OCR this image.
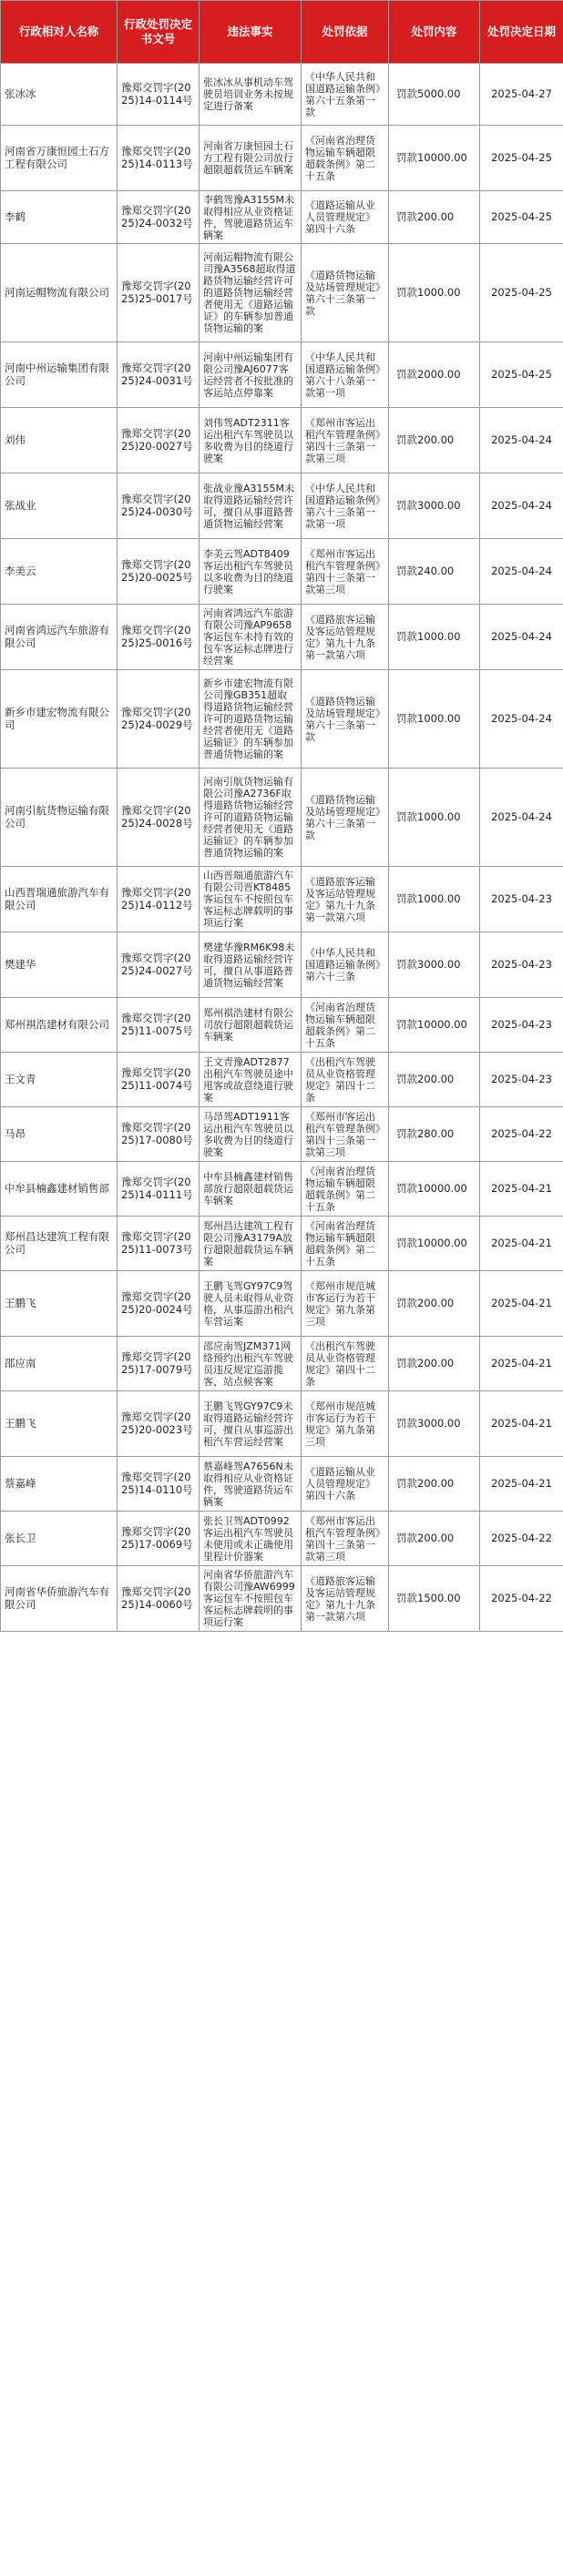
行政相对人名称	行政处罚决定书文号	违法事实	处罚依据	处罚内容	处罚决定日期
张冰冰	豫郑交罚字(2025)14-0114号	张冰冰从事机动车驾驶员培训业务未按规定进行备案	《中华人民共和国道路运输条例》第六十五条第一款	罚款5000.00	2025-04-27
河南省万康恒园土石方工程有限公司	豫郑交罚字(2025)14-0113号	河南省万康恒园土石方工程有限公司放行超限超载货运车辆案	《河南省治理货物运输车辆超限超载条例》第二十五条	罚款10000.00	2025-04-25
李鹤	豫郑交罚字(2025)24-0032号	李鹤驾豫A3155M未取得相应从业资格证件，驾驶道路货运车辆案	《道路运输从业人员管理规定》第四十六条	罚款200.00	2025-04-25
河南运帽物流有限公司	豫郑交罚字(2025)25-0017号	河南运帽物流有限公司豫A3568超取得道路货物运输经营许可的道路货物运输经营者使用无《道路运输证》的车辆参加普通货物运输的案	《道路货物运输及站场管理规定》第六十三条第一款	罚款1000.00	2025-04-25
河南中州运输集团有限公司	豫郑交罚字(2025)24-0031号	河南中州运输集团有限公司豫AJ6077客运经营者不按批准的客运站点停靠案	《中华人民共和国道路运输条例》第六十八条第一款第一项	罚款2000.00	2025-04-25
刘伟	豫郑交罚字(2025)20-0027号	刘伟驾ADT2311客运出租汽车驾驶员以多收费为目的绕道行驶案	《郑州市客运出租汽车管理条例》第四十三条第一款第三项	罚款200.00	2025-04-24
张战业	豫郑交罚字(2025)24-0030号	张战业豫A3155M未取得道路运输经营许可，擅自从事道路普通货物运输经营案	《中华人民共和国道路运输条例》第六十三条第一款第一项	罚款3000.00	2025-04-24
李美云	豫郑交罚字(2025)20-0025号	李美云驾ADT8409客运出租汽车驾驶员以多收费为目的绕道行驶案	《郑州市客运出租汽车管理条例》第四十三条第一款第三项	罚款240.00	2025-04-24
河南省鸿远汽车旅游有限公司	豫郑交罚字(2025)25-0016号	河南省鸿远汽车旅游有限公司豫AP9658客运包车未持有效的包车客运标志牌进行经营案	《道路旅客运输及客运站管理规定》第九十九条第一款第六项	罚款1000.00	2025-04-24
新乡市建宏物流有限公司	豫郑交罚字(2025)24-0029号	新乡市建宏物流有限公司豫GB351超取得道路货物运输经营许可的道路货物运输经营者使用无《道路运输证》的车辆参加普通货物运输的案	《道路货物运输及站场管理规定》第六十三条第一款	罚款1000.00	2025-04-24
河南引航货物运输有限公司	豫郑交罚字(2025)24-0028号	河南引航货物运输有限公司豫A2736F取得道路货物运输经营许可的道路货物运输经营者使用无《道路运输证》的车辆参加普通货物运输的案	《道路货物运输及站场管理规定》第六十三条第一款	罚款1000.00	2025-04-24
山西晋瑞通旅游汽车有限公司	豫郑交罚字(2025)14-0112号	山西晋瑞通旅游汽车有限公司晋KT8485客运包车不按照包车客运标志牌载明的事项运行案	《道路旅客运输及客运站管理规定》第九十九条第一款第六项	罚款1000.00	2025-04-23
樊建华	豫郑交罚字(2025)24-0027号	樊建华豫RM6K98未取得道路运输经营许可，擅自从事道路普通货物运输经营案	《中华人民共和国道路运输条例》第六十三条	罚款3000.00	2025-04-23
郑州祺浩建材有限公司	豫郑交罚字(2025)11-0075号	郑州祺浩建材有限公司放行超限超载货运车辆案	《河南省治理货物运输车辆超限超载条例》第二十五条	罚款10000.00	2025-04-23
王文青	豫郑交罚字(2025)11-0074号	王文青豫ADT2877出租汽车驾驶员途中甩客或故意绕道行驶案	《出租汽车驾驶员从业资格管理规定》第四十二条	罚款200.00	2025-04-23
马昂	豫郑交罚字(2025)17-0080号	马昂驾ADT1911客运出租汽车驾驶员以多收费为目的绕道行驶案	《郑州市客运出租汽车管理条例》第四十三条第一款第三项	罚款280.00	2025-04-22
中牟县楠鑫建材销售部	豫郑交罚字(2025)14-0111号	中牟县楠鑫建材销售部放行超限超载货运车辆案	《河南省治理货物运输车辆超限超载条例》第二十五条	罚款10000.00	2025-04-21
郑州昌达建筑工程有限公司	豫郑交罚字(2025)11-0073号	郑州昌达建筑工程有限公司豫A3179A放行超限超载货运车辆案	《河南省治理货物运输车辆超限超载条例》第二十五条	罚款10000.00	2025-04-21
王鹏飞	豫郑交罚字(2025)20-0024号	王鹏飞驾GY97C9驾驶人员未取得从业资格，从事巡游出租汽车营运案	《郑州市规范城市客运行为若干规定》第九条第三项	罚款200.00	2025-04-21
邵应南	豫郑交罚字(2025)17-0079号	邵应南驾JZM371网络预约出租汽车驾驶员违反规定巡游揽客、站点候客案	《出租汽车驾驶员从业资格管理规定》第四十二条	罚款200.00	2025-04-21
王鹏飞	豫郑交罚字(2025)20-0023号	王鹏飞驾GY97C9未取得道路运输经营许可，擅自从事巡游出租汽车营运经营案	《郑州市规范城市客运行为若干规定》第九条第三项	罚款3000.00	2025-04-21
蔡嘉峰	豫郑交罚字(2025)14-0110号	蔡嘉峰驾A7656N未取得相应从业资格证件，驾驶道路货运车辆案	《道路运输从业人员管理规定》第四十六条	罚款200.00	2025-04-21
张长卫	豫郑交罚字(2025)17-0069号	张长卫驾ADT0992客运出租汽车驾驶员未使用或未正确使用里程计价器案	《郑州市客运出租汽车管理条例》第四十三条第一款第三项	罚款200.00	2025-04-22
河南省华侨旅游汽车有限公司	豫郑交罚字(2025)14-0060号	河南省华侨旅游汽车有限公司豫AW6999客运包车不按照包车客运标志牌载明的事项运行案	《道路旅客运输及客运站管理规定》第九十九条第一款第六项	罚款1500.00	2025-04-22
